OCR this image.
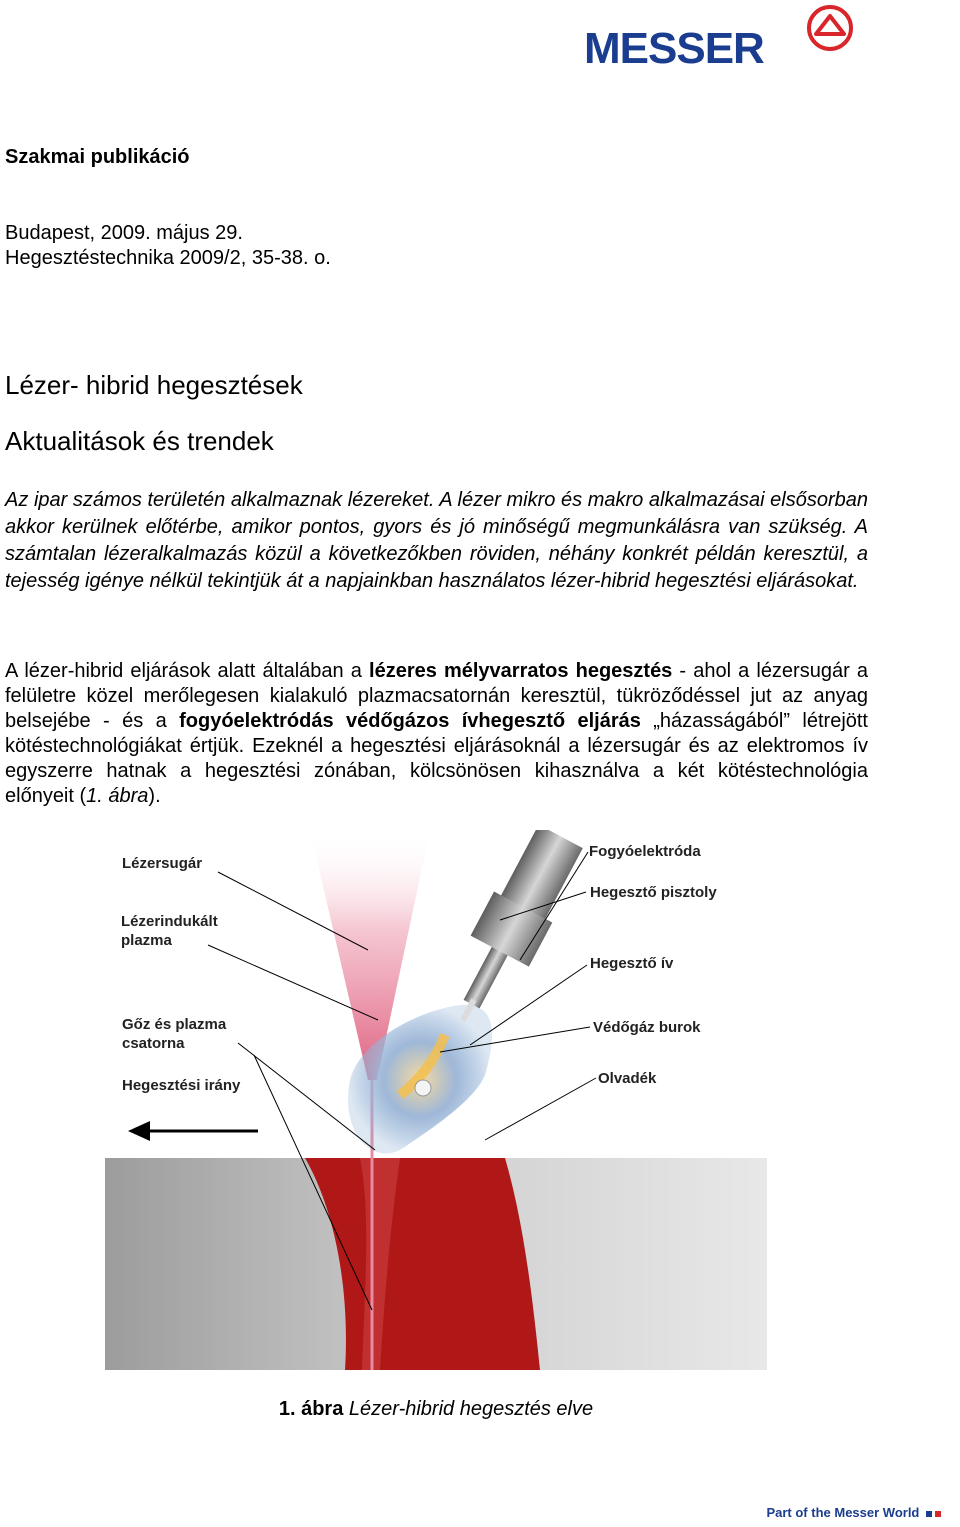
MESSER
Szakmai publikáció
Budapest, 2009. május 29.
Hegesztéstechnika 2009/2, 35-38. o.
Lézer- hibrid hegesztések
Aktualitások és trendek
Az ipar számos területén alkalmaznak lézereket. A lézer mikro és makro alkalmazásai elsősorban akkor kerülnek előtérbe, amikor pontos, gyors és jó minőségű megmunkálásra van szükség. A számtalan lézeralkalmazás közül a következőkben röviden, néhány konkrét példán keresztül, a tejesség igénye nélkül tekintjük át a napjainkban használatos lézer-hibrid hegesztési eljárásokat.
A lézer-hibrid eljárások alatt általában a lézeres mélyvarratos hegesztés - ahol a lézersugár a felületre közel merőlegesen kialakuló plazmacsatornán keresztül, tükröződéssel jut az anyag belsejébe - és a fogyóelektródás védőgázos ívhegesztő eljárás „házasságából” létrejött kötéstechnológiákat értjük. Ezeknél a hegesztési eljárásoknál a lézersugár és az elektromos ív egyszerre hatnak a hegesztési zónában, kölcsönösen kihasználva a két kötéstechnológia előnyeit (1. ábra).
Lézersugár
Lézerindukált plazma
Gőz és plazma csatorna
Hegesztési irány
Fogyóelektróda
Hegesztő pisztoly
Hegesztő ív
Védőgáz burok
Olvadék
1. ábra Lézer-hibrid hegesztés elve
Part of the Messer World
